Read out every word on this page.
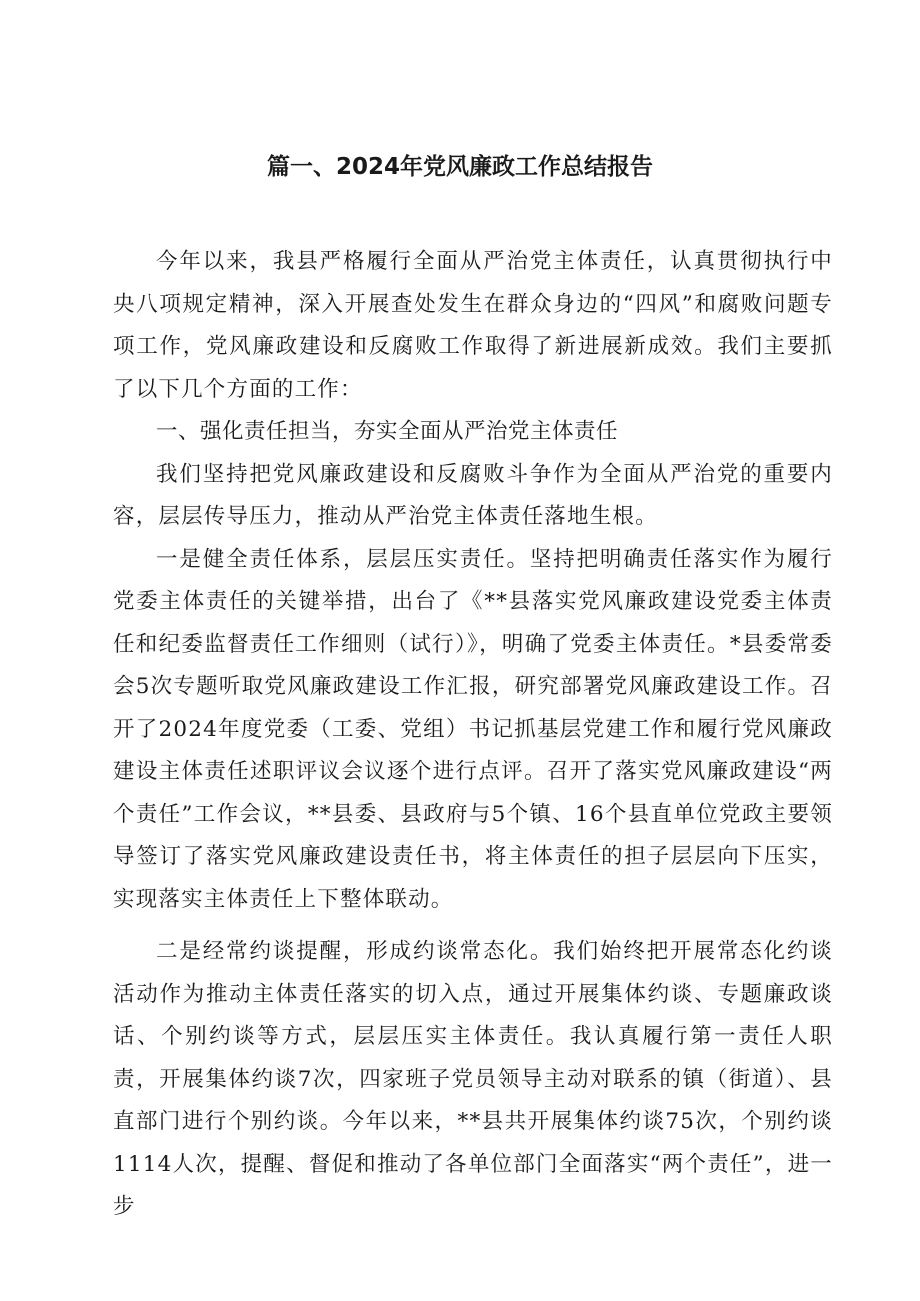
篇一、2024年党风廉政工作总结报告

今年以来，我县严格履行全面从严治党主体责任，认真贯彻执行中央八项规定精神，深入开展查处发生在群众身边的“四风”和腐败问题专项工作，党风廉政建设和反腐败工作取得了新进展新成效。我们主要抓了以下几个方面的工作：

一、强化责任担当，夯实全面从严治党主体责任

我们坚持把党风廉政建设和反腐败斗争作为全面从严治党的重要内容，层层传导压力，推动从严治党主体责任落地生根。

一是健全责任体系，层层压实责任。坚持把明确责任落实作为履行党委主体责任的关键举措，出台了《**县落实党风廉政建设党委主体责任和纪委监督责任工作细则（试行）》，明确了党委主体责任。*县委常委会5次专题听取党风廉政建设工作汇报，研究部署党风廉政建设工作。召开了2024年度党委（工委、党组）书记抓基层党建工作和履行党风廉政建设主体责任述职评议会议逐个进行点评。召开了落实党风廉政建设“两个责任”工作会议，**县委、县政府与5个镇、16个县直单位党政主要领导签订了落实党风廉政建设责任书，将主体责任的担子层层向下压实，实现落实主体责任上下整体联动。

二是经常约谈提醒，形成约谈常态化。我们始终把开展常态化约谈活动作为推动主体责任落实的切入点，通过开展集体约谈、专题廉政谈话、个别约谈等方式，层层压实主体责任。我认真履行第一责任人职责，开展集体约谈7次，四家班子党员领导主动对联系的镇（街道）、县直部门进行个别约谈。今年以来，**县共开展集体约谈75次，个别约谈1114人次，提醒、督促和推动了各单位部门全面落实“两个责任”，进一步
